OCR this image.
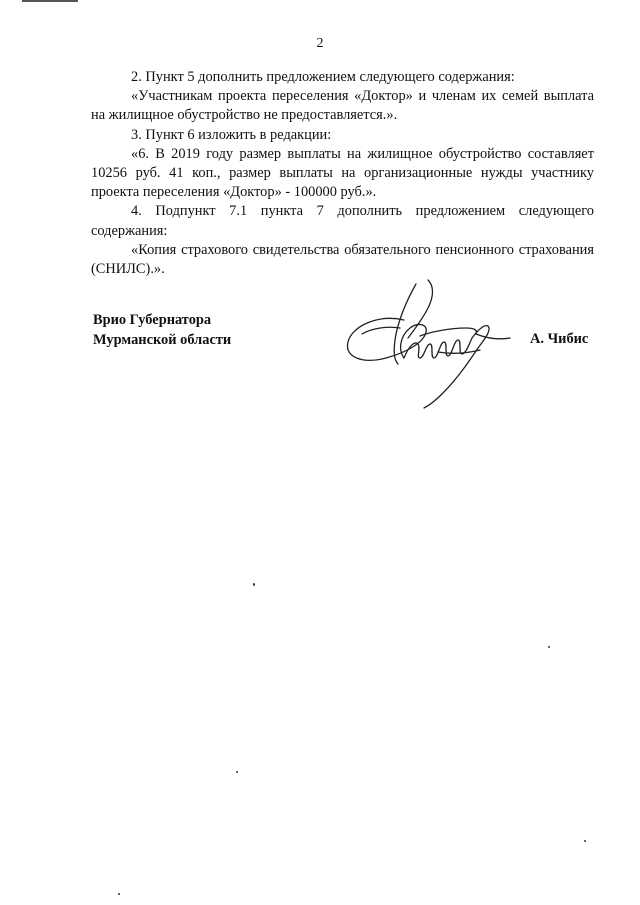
2

2. Пункт 5 дополнить предложением следующего содержания:

«Участникам проекта переселения «Доктор» и членам их семей выплата на жилищное обустройство не предоставляется.».

3. Пункт 6 изложить в редакции:

«6. В 2019 году размер выплаты на жилищное обустройство составляет 10256 руб. 41 коп., размер выплаты на организационные нужды участнику проекта переселения «Доктор» - 100000 руб.».

4. Подпункт 7.1 пункта 7 дополнить предложением следующего содержания:

«Копия страхового свидетельства обязательного пенсионного страхования (СНИЛС).».

Врио Губернатора
Мурманской области	А. Чибис
